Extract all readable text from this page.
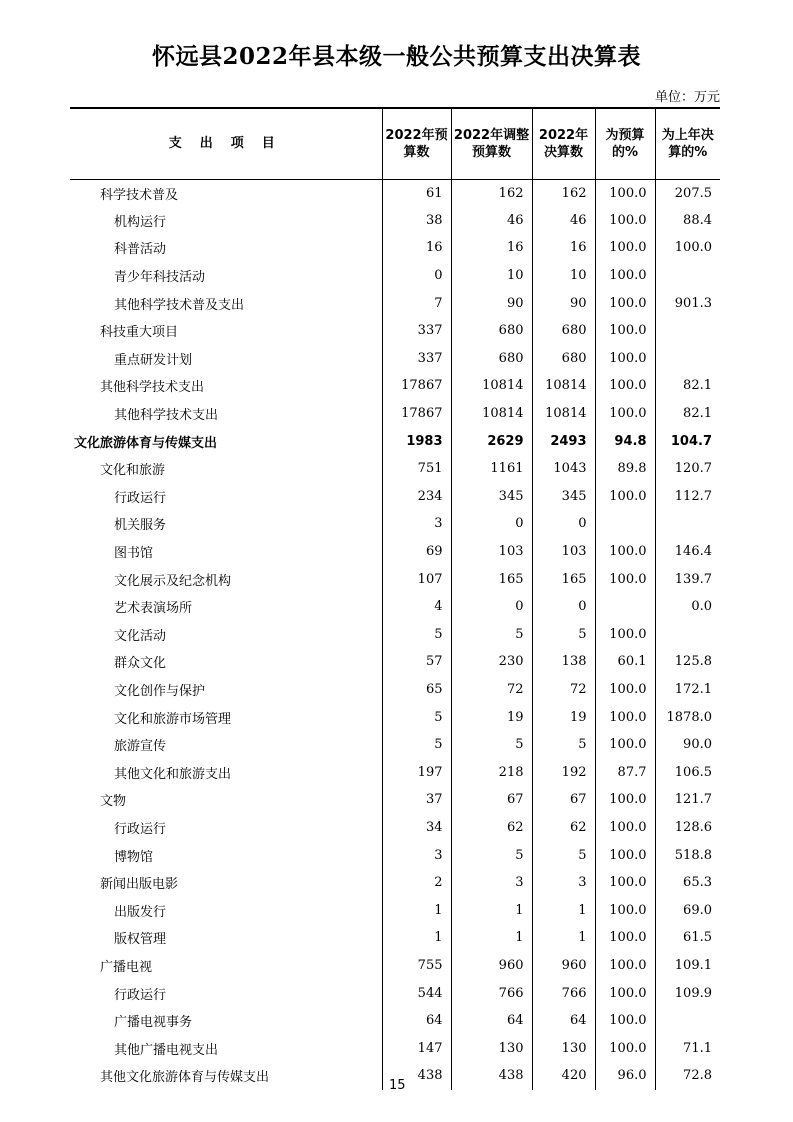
怀远县2022年县本级一般公共预算支出决算表
单位：万元
支出项目	2022年预算数	2022年调整预算数	2022年决算数	为预算的%	为上年决算的%
科学技术普及	61	162	162	100.0	207.5
机构运行	38	46	46	100.0	88.4
科普活动	16	16	16	100.0	100.0
青少年科技活动	0	10	10	100.0	
其他科学技术普及支出	7	90	90	100.0	901.3
科技重大项目	337	680	680	100.0	
重点研发计划	337	680	680	100.0	
其他科学技术支出	17867	10814	10814	100.0	82.1
其他科学技术支出	17867	10814	10814	100.0	82.1
文化旅游体育与传媒支出	1983	2629	2493	94.8	104.7
文化和旅游	751	1161	1043	89.8	120.7
行政运行	234	345	345	100.0	112.7
机关服务	3	0	0		
图书馆	69	103	103	100.0	146.4
文化展示及纪念机构	107	165	165	100.0	139.7
艺术表演场所	4	0	0		0.0
文化活动	5	5	5	100.0	
群众文化	57	230	138	60.1	125.8
文化创作与保护	65	72	72	100.0	172.1
文化和旅游市场管理	5	19	19	100.0	1878.0
旅游宣传	5	5	5	100.0	90.0
其他文化和旅游支出	197	218	192	87.7	106.5
文物	37	67	67	100.0	121.7
行政运行	34	62	62	100.0	128.6
博物馆	3	5	5	100.0	518.8
新闻出版电影	2	3	3	100.0	65.3
出版发行	1	1	1	100.0	69.0
版权管理	1	1	1	100.0	61.5
广播电视	755	960	960	100.0	109.1
行政运行	544	766	766	100.0	109.9
广播电视事务	64	64	64	100.0	
其他广播电视支出	147	130	130	100.0	71.1
其他文化旅游体育与传媒支出	438	438	420	96.0	72.8
15
